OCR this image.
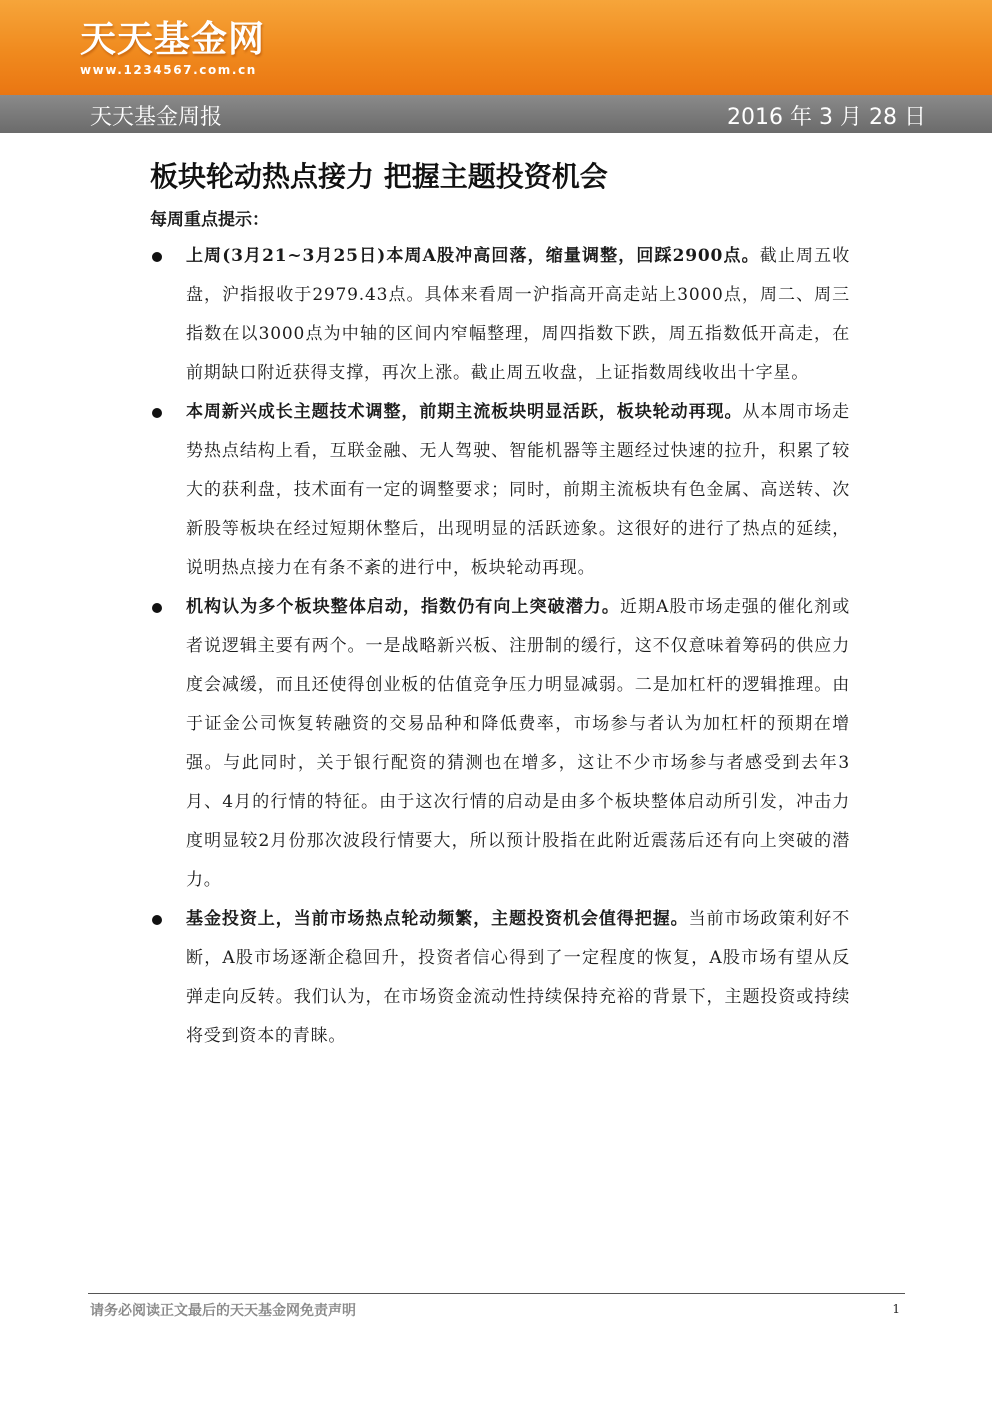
天天基金网
www.1234567.com.cn
天天基金周报	2016 年 3 月 28 日
板块轮动热点接力 把握主题投资机会
每周重点提示：
上周(3月21~3月25日)本周A股冲高回落，缩量调整，回踩2900点。截止周五收盘，沪指报收于2979.43点。具体来看周一沪指高开高走站上3000点，周二、周三指数在以3000点为中轴的区间内窄幅整理，周四指数下跌，周五指数低开高走，在前期缺口附近获得支撑，再次上涨。截止周五收盘，上证指数周线收出十字星。
本周新兴成长主题技术调整，前期主流板块明显活跃，板块轮动再现。从本周市场走势热点结构上看，互联金融、无人驾驶、智能机器等主题经过快速的拉升，积累了较大的获利盘，技术面有一定的调整要求；同时，前期主流板块有色金属、高送转、次新股等板块在经过短期休整后，出现明显的活跃迹象。这很好的进行了热点的延续，说明热点接力在有条不紊的进行中，板块轮动再现。
机构认为多个板块整体启动，指数仍有向上突破潜力。近期A股市场走强的催化剂或者说逻辑主要有两个。一是战略新兴板、注册制的缓行，这不仅意味着筹码的供应力度会减缓，而且还使得创业板的估值竞争压力明显减弱。二是加杠杆的逻辑推理。由于证金公司恢复转融资的交易品种和降低费率，市场参与者认为加杠杆的预期在增强。与此同时，关于银行配资的猜测也在增多，这让不少市场参与者感受到去年3月、4月的行情的特征。由于这次行情的启动是由多个板块整体启动所引发，冲击力度明显较2月份那次波段行情要大，所以预计股指在此附近震荡后还有向上突破的潜力。
基金投资上，当前市场热点轮动频繁，主题投资机会值得把握。当前市场政策利好不断，A股市场逐渐企稳回升，投资者信心得到了一定程度的恢复，A股市场有望从反弹走向反转。我们认为，在市场资金流动性持续保持充裕的背景下，主题投资或持续将受到资本的青睐。
请务必阅读正文最后的天天基金网免责声明	1
